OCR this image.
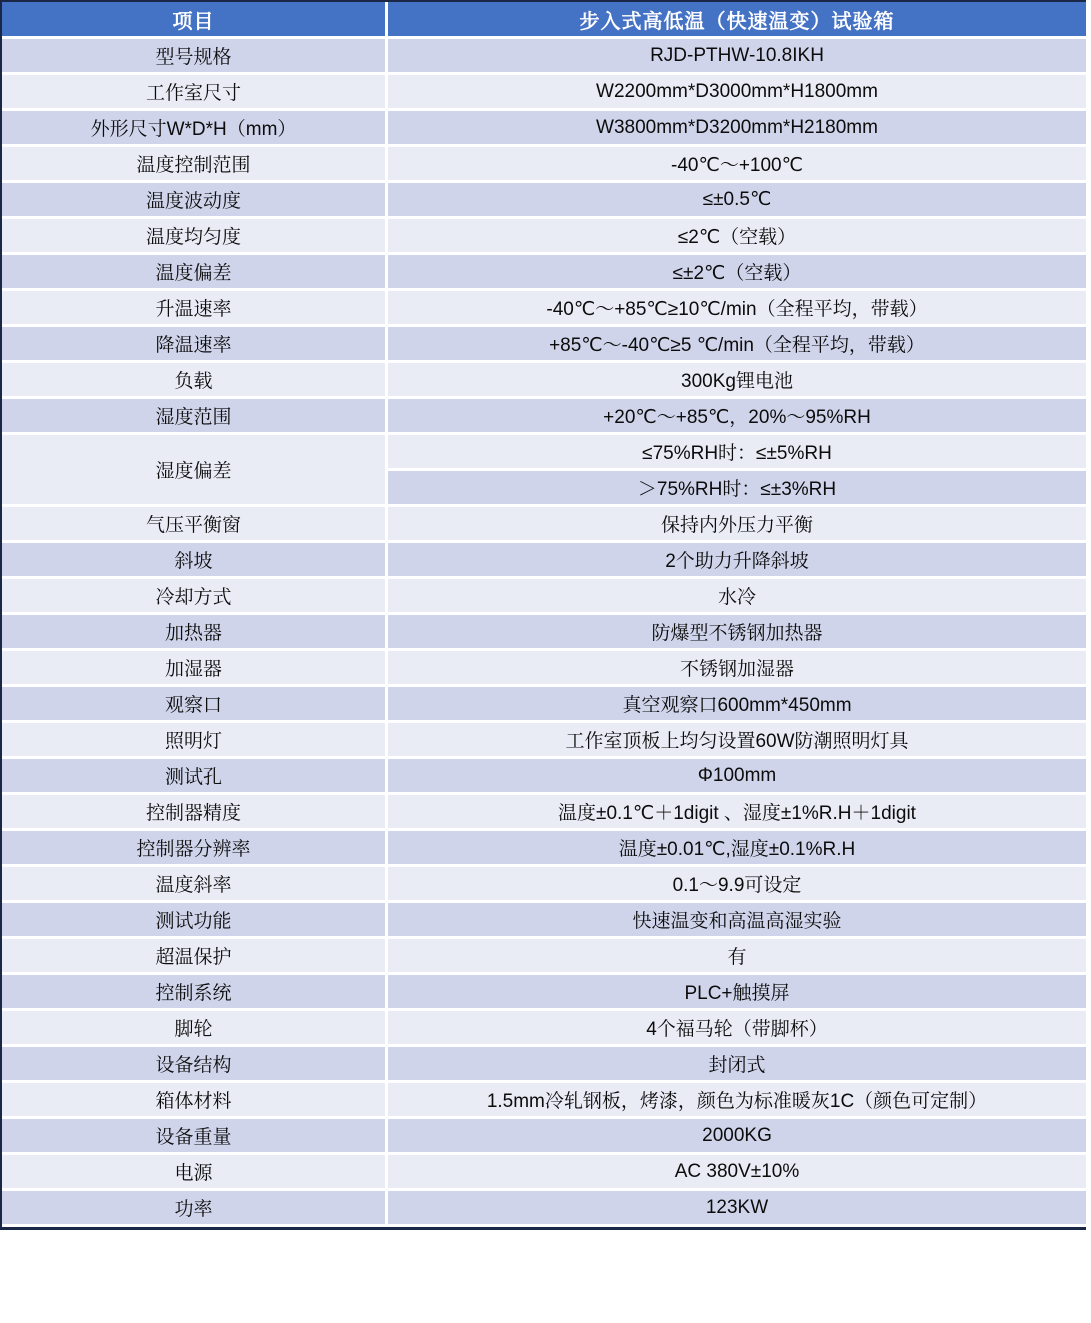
项目	步入式高低温（快速温变）试验箱
型号规格	RJD-PTHW-10.8IKH
工作室尺寸	W2200mm*D3000mm*H1800mm
外形尺寸W*D*H（mm）	W3800mm*D3200mm*H2180mm
温度控制范围	-40℃～+100℃
温度波动度	≤±0.5℃
温度均匀度	≤2℃（空载）
温度偏差	≤±2℃（空载）
升温速率	-40℃～+85℃≥10℃/min（全程平均，带载）
降温速率	+85℃～-40℃≥5 ℃/min（全程平均，带载）
负载	300Kg锂电池
湿度范围	+20℃～+85℃，20%～95%RH
湿度偏差	≤75%RH时：≤±5%RH
	＞75%RH时：≤±3%RH
气压平衡窗	保持内外压力平衡
斜坡	2个助力升降斜坡
冷却方式	水冷
加热器	防爆型不锈钢加热器
加湿器	不锈钢加湿器
观察口	真空观察口600mm*450mm
照明灯	工作室顶板上均匀设置60W防潮照明灯具
测试孔	Φ100mm
控制器精度	温度±0.1℃＋1digit 、湿度±1%R.H＋1digit
控制器分辨率	温度±0.01℃,湿度±0.1%R.H
温度斜率	0.1～9.9可设定
测试功能	快速温变和高温高湿实验
超温保护	有
控制系统	PLC+触摸屏
脚轮	4个福马轮（带脚杯）
设备结构	封闭式
箱体材料	1.5mm冷轧钢板，烤漆，颜色为标准暖灰1C（颜色可定制）
设备重量	2000KG
电源	AC 380V±10%
功率	123KW
